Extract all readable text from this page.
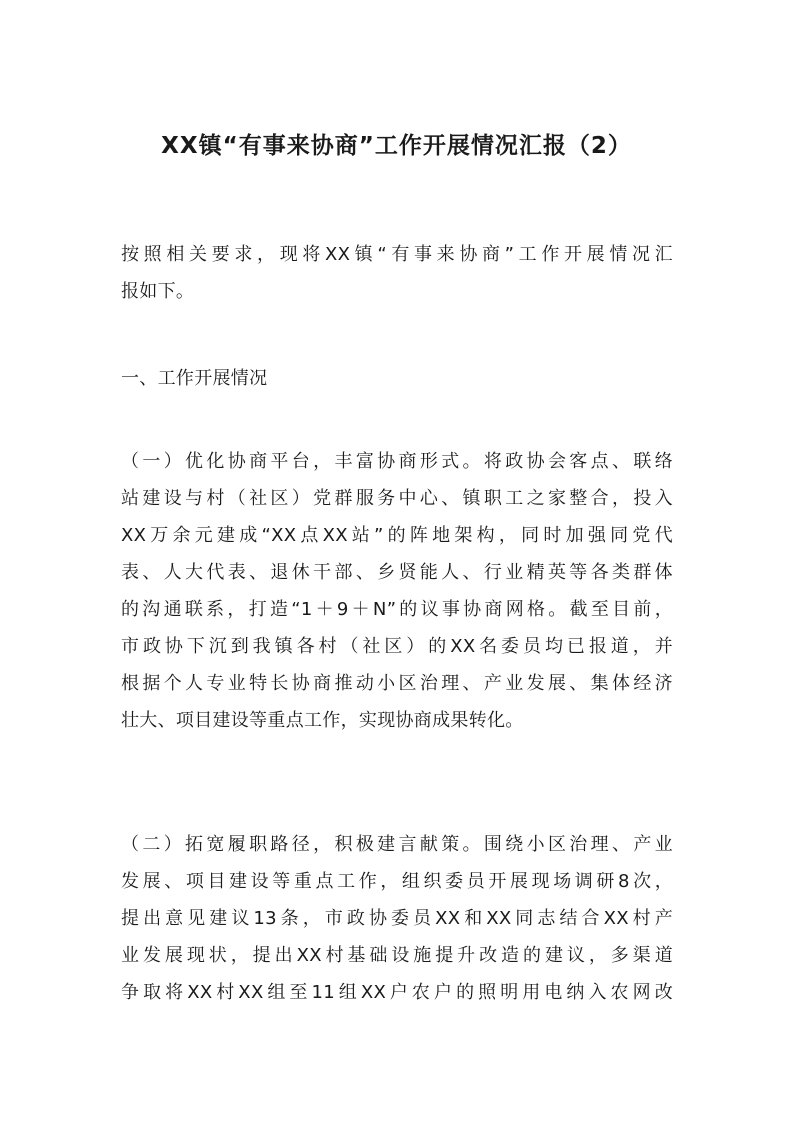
XX镇“有事来协商”工作开展情况汇报（2）
按照相关要求，现将XX镇“有事来协商”工作开展情况汇
报如下。
一、工作开展情况
（一）优化协商平台，丰富协商形式。将政协会客点、联络
站建设与村（社区）党群服务中心、镇职工之家整合，投入
XX万余元建成“XX点XX站”的阵地架构，同时加强同党代
表、人大代表、退休干部、乡贤能人、行业精英等各类群体
的沟通联系，打造“1＋9＋N”的议事协商网格。截至目前，
市政协下沉到我镇各村（社区）的XX名委员均已报道，并
根据个人专业特长协商推动小区治理、产业发展、集体经济
壮大、项目建设等重点工作，实现协商成果转化。
（二）拓宽履职路径，积极建言献策。围绕小区治理、产业
发展、项目建设等重点工作，组织委员开展现场调研8次，
提出意见建议13条，市政协委员XX和XX同志结合XX村产
业发展现状，提出XX村基础设施提升改造的建议，多渠道
争取将XX村XX组至11组XX户农户的照明用电纳入农网改
